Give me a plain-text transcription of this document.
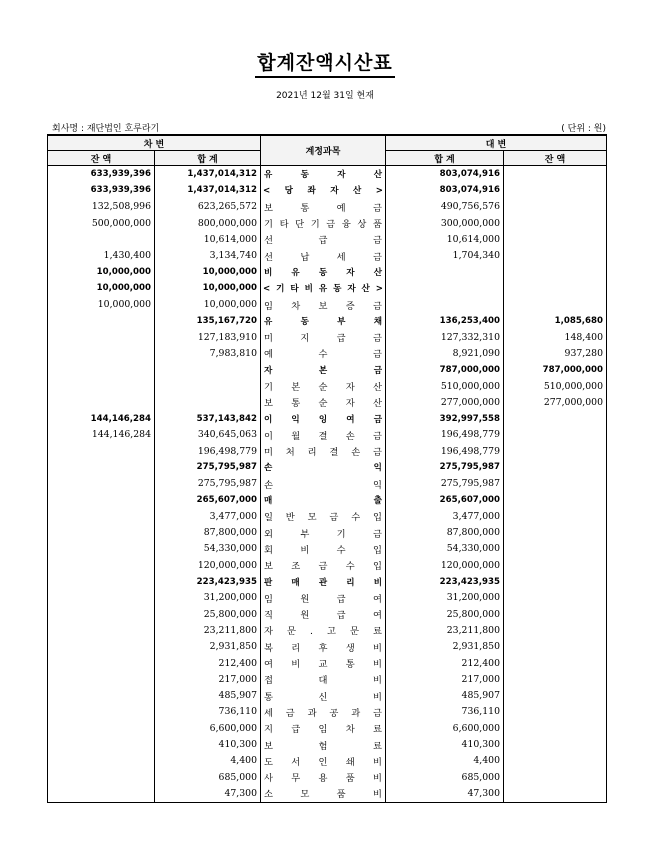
합계잔액시산표
2021년 12월 31일 현재
회사명 : 재단법인 호루라기	( 단위 : 원)
차 변		계정과목	대 변	
잔 액	합 계		합 계	잔 액
633,939,396	1,437,014,312	유 동 자 산	803,074,916	
633,939,396	1,437,014,312	< 당 좌 자 산 >	803,074,916	
132,508,996	623,265,572	보 통 예 금	490,756,576	
500,000,000	800,000,000	기 타 단 기 금 융 상 품	300,000,000	
	10,614,000	선 급 금	10,614,000	
1,430,400	3,134,740	선 납 세 금	1,704,340	
10,000,000	10,000,000	비 유 동 자 산		
10,000,000	10,000,000	< 기 타 비 유 동 자 산 >		
10,000,000	10,000,000	임 차 보 증 금		
	135,167,720	유 동 부 채	136,253,400	1,085,680
	127,183,910	미 지 급 금	127,332,310	148,400
	7,983,810	예 수 금	8,921,090	937,280
		자 본 금	787,000,000	787,000,000
		기 본 순 자 산	510,000,000	510,000,000
		보 통 순 자 산	277,000,000	277,000,000
144,146,284	537,143,842	이 익 잉 여 금	392,997,558	
144,146,284	340,645,063	이 월 결 손 금	196,498,779	
	196,498,779	미 처 리 결 손 금	196,498,779	
	275,795,987	손 익	275,795,987	
	275,795,987	손 익	275,795,987	
	265,607,000	매 출	265,607,000	
	3,477,000	일 반 모 금 수 입	3,477,000	
	87,800,000	외 부 기 금	87,800,000	
	54,330,000	회 비 수 입	54,330,000	
	120,000,000	보 조 금 수 입	120,000,000	
	223,423,935	판 매 관 리 비	223,423,935	
	31,200,000	임 원 급 여	31,200,000	
	25,800,000	직 원 급 여	25,800,000	
	23,211,800	자 문 . 고 문 료	23,211,800	
	2,931,850	복 리 후 생 비	2,931,850	
	212,400	여 비 교 통 비	212,400	
	217,000	접 대 비	217,000	
	485,907	통 신 비	485,907	
	736,110	세 금 과 공 과 금	736,110	
	6,600,000	지 급 임 차 료	6,600,000	
	410,300	보 험 료	410,300	
	4,400	도 서 인 쇄 비	4,400	
	685,000	사 무 용 품 비	685,000	
	47,300	소 모 품 비	47,300	
